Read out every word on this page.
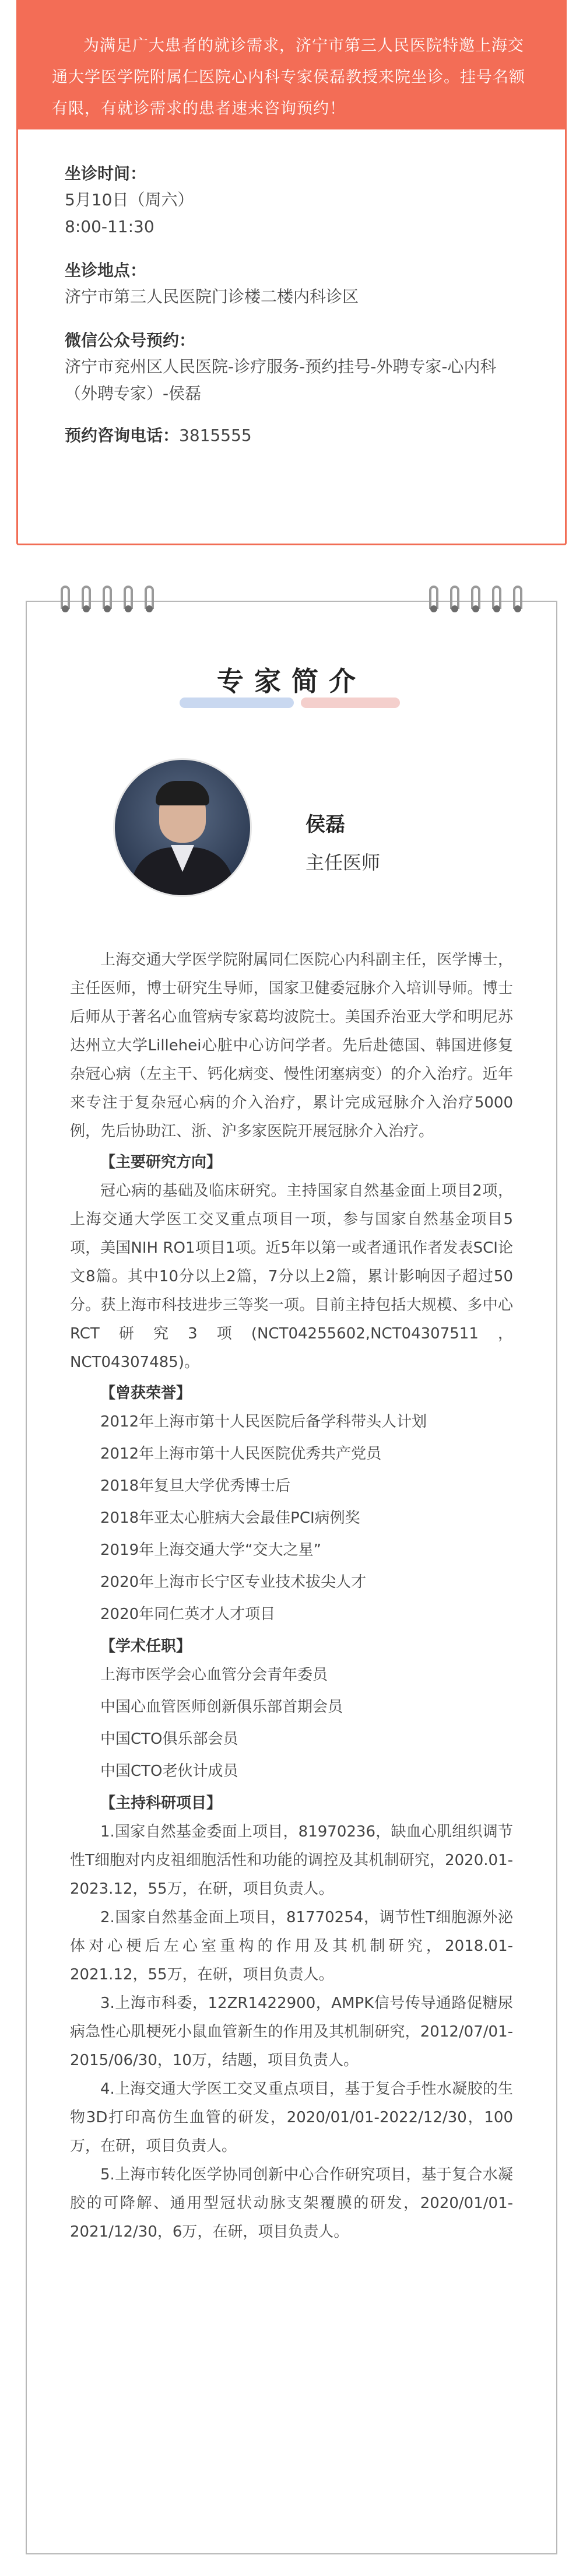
为满足广大患者的就诊需求，济宁市第三人民医院特邀上海交通大学医学院附属仁医院心内科专家侯磊教授来院坐诊。挂号名额有限，有就诊需求的患者速来咨询预约！
坐诊时间：
5月10日（周六）
8:00-11:30
坐诊地点：
济宁市第三人民医院门诊楼二楼内科诊区
微信公众号预约：
济宁市兖州区人民医院-诊疗服务-预约挂号-外聘专家-心内科（外聘专家）-侯磊
预约咨询电话：3815555
专家简介
侯磊
主任医师

上海交通大学医学院附属同仁医院心内科副主任，医学博士，主任医师，博士研究生导师，国家卫健委冠脉介入培训导师。博士后师从于著名心血管病专家葛均波院士。美国乔治亚大学和明尼苏达州立大学Lillehei心脏中心访问学者。先后赴德国、韩国进修复杂冠心病（左主干、钙化病变、慢性闭塞病变）的介入治疗。近年来专注于复杂冠心病的介入治疗，累计完成冠脉介入治疗5000例，先后协助江、浙、沪多家医院开展冠脉介入治疗。

【主要研究方向】

冠心病的基础及临床研究。主持国家自然基金面上项目2项，上海交通大学医工交叉重点项目一项，参与国家自然基金项目5项，美国NIH RO1项目1项。近5年以第一或者通讯作者发表SCI论文8篇。其中10分以上2篇，7分以上2篇，累计影响因子超过50分。获上海市科技进步三等奖一项。目前主持包括大规模、多中心RCT研究3项(NCT04255602,NCT04307511，NCT04307485)。

【曾获荣誉】
2012年上海市第十人民医院后备学科带头人计划
2012年上海市第十人民医院优秀共产党员
2018年复旦大学优秀博士后
2018年亚太心脏病大会最佳PCI病例奖
2019年上海交通大学“交大之星”
2020年上海市长宁区专业技术拔尖人才
2020年同仁英才人才项目
【学术任职】
上海市医学会心血管分会青年委员
中国心血管医师创新俱乐部首期会员
中国CTO俱乐部会员
中国CTO老伙计成员
【主持科研项目】

1.国家自然基金委面上项目，81970236，缺血心肌组织调节性T细胞对内皮祖细胞活性和功能的调控及其机制研究，2020.01-2023.12，55万，在研，项目负责人。

2.国家自然基金面上项目，81770254，调节性T细胞源外泌体对心梗后左心室重构的作用及其机制研究，2018.01-2021.12，55万，在研，项目负责人。

3.上海市科委，12ZR1422900，AMPK信号传导通路促糖尿病急性心肌梗死小鼠血管新生的作用及其机制研究，2012/07/01-2015/06/30，10万，结题，项目负责人。

4.上海交通大学医工交叉重点项目，基于复合手性水凝胶的生物3D打印高仿生血管的研发，2020/01/01-2022/12/30，100万，在研，项目负责人。

5.上海市转化医学协同创新中心合作研究项目，基于复合水凝胶的可降解、通用型冠状动脉支架覆膜的研发，2020/01/01-2021/12/30，6万，在研，项目负责人。
